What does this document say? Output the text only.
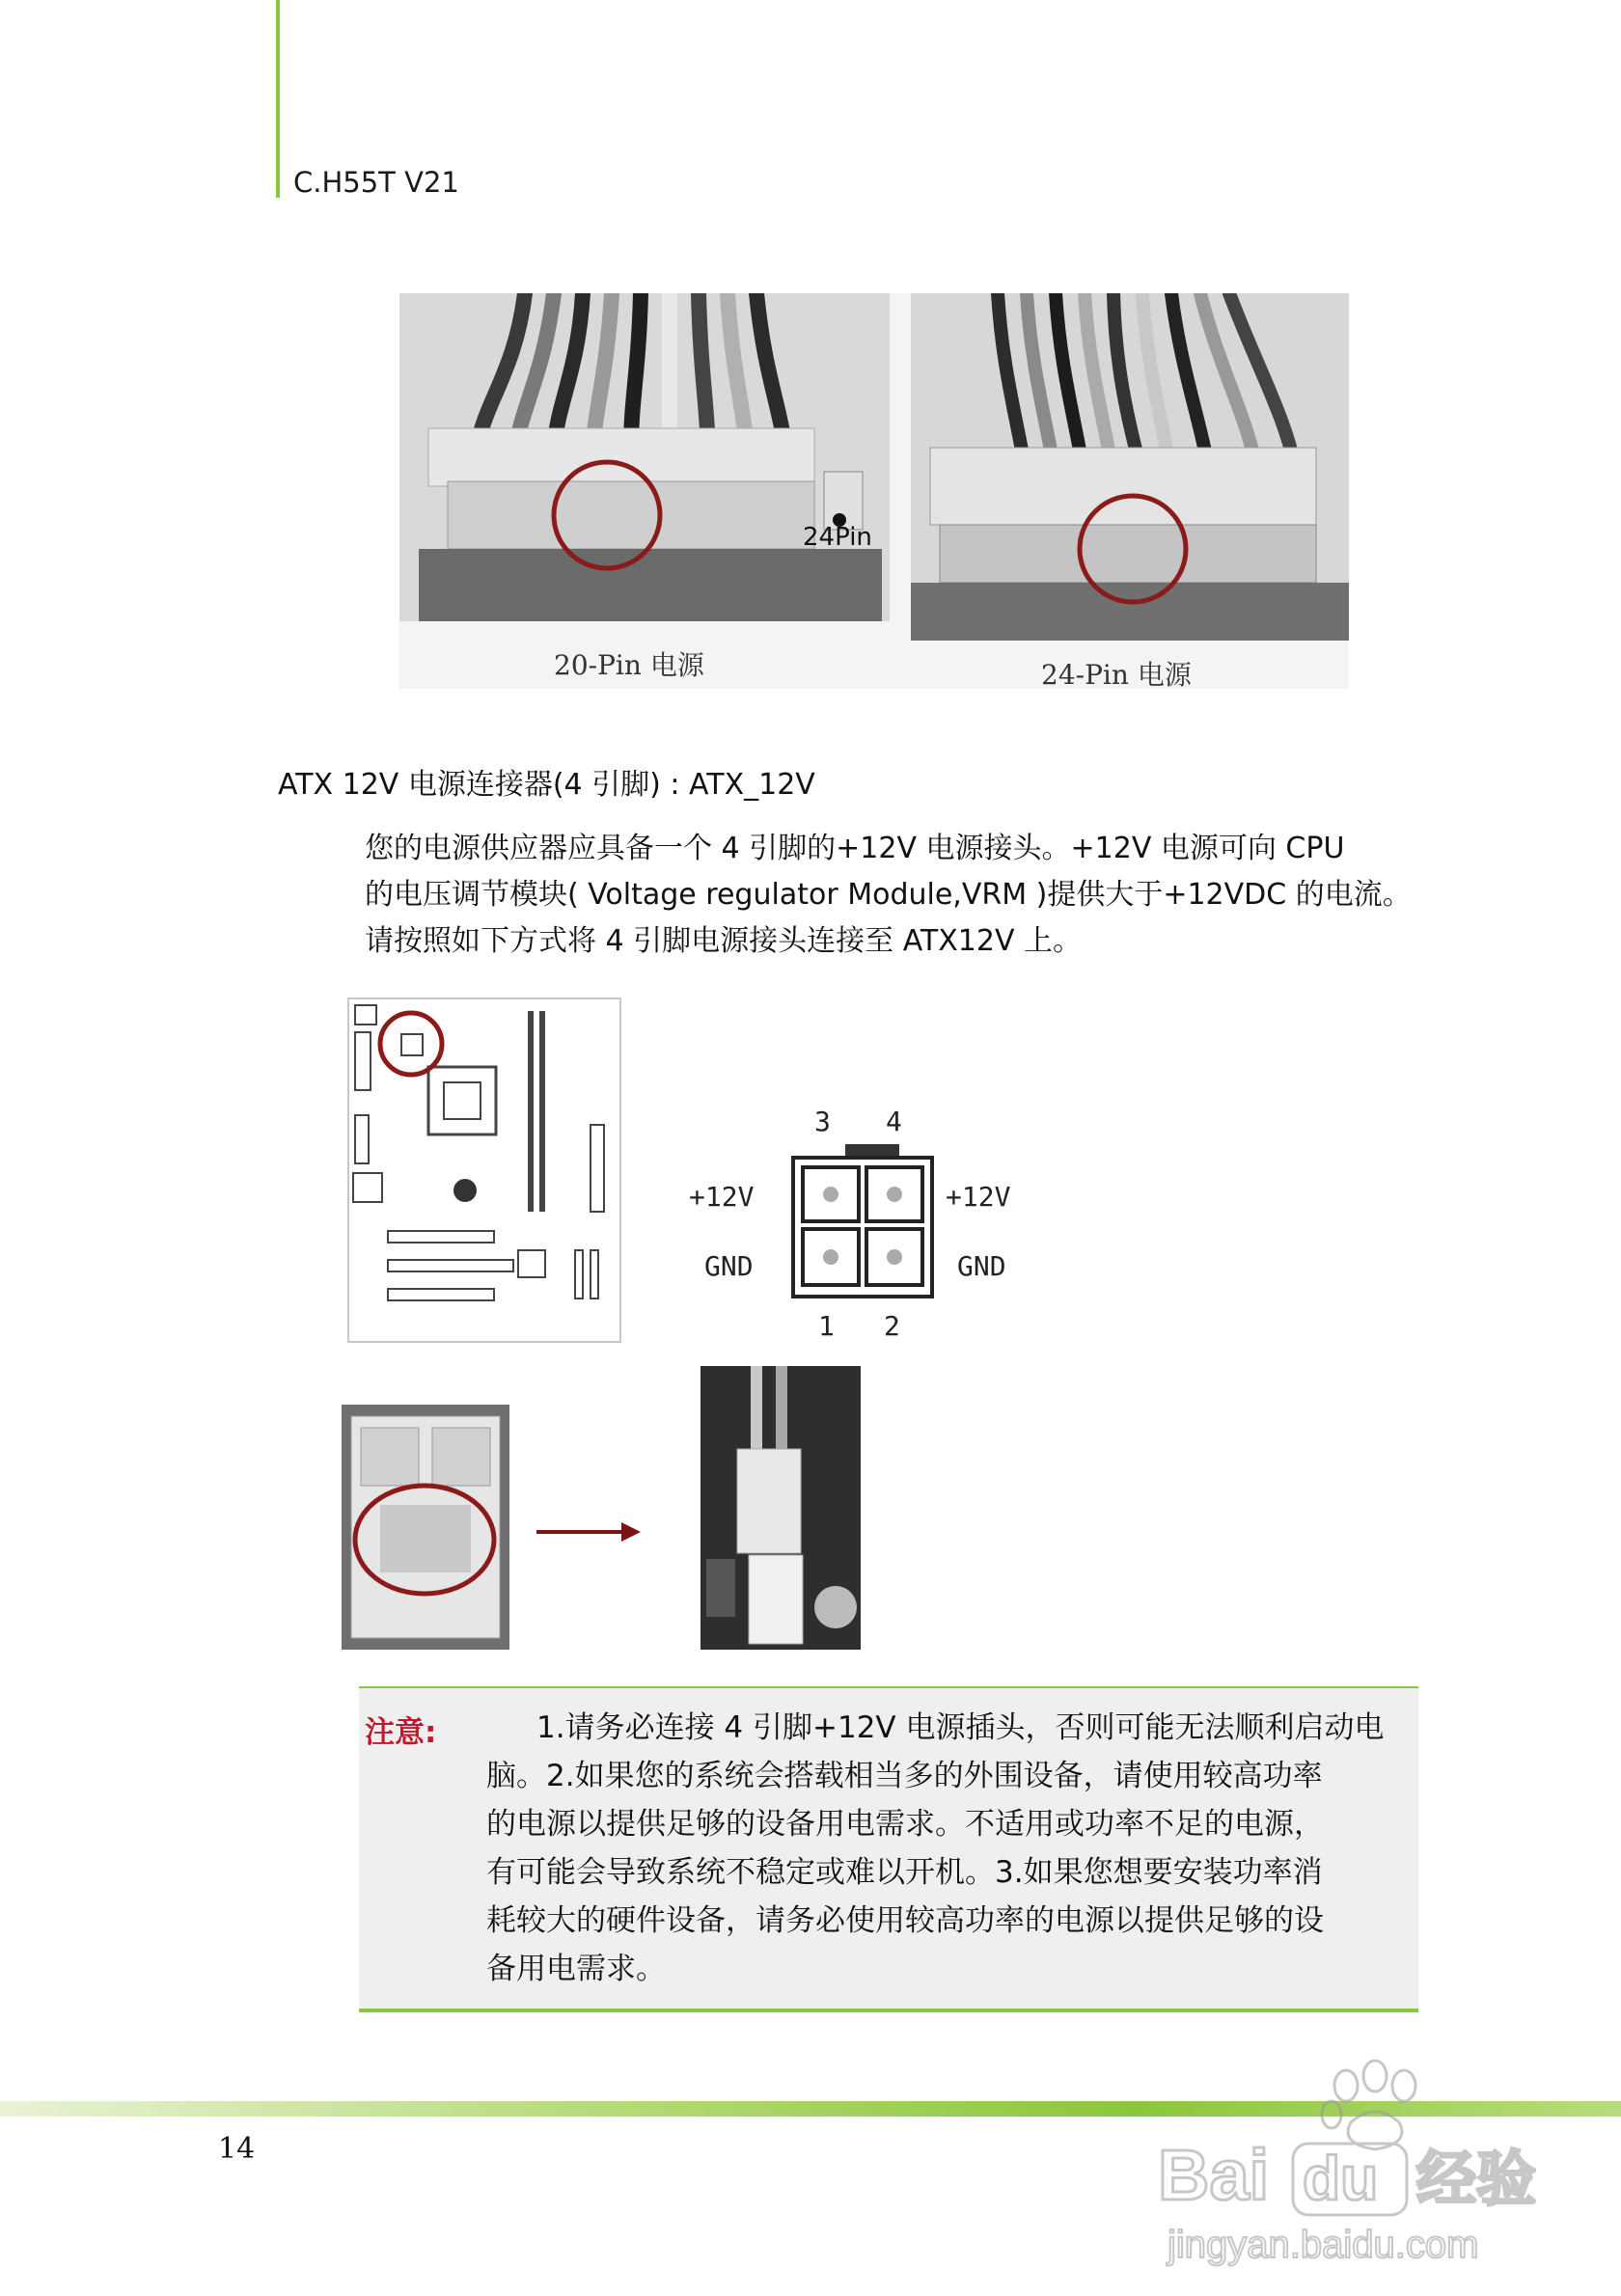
C.H55T V21
24Pin
20-Pin 电源	24-Pin 电源
ATX 12V 电源连接器(4 引脚) : ATX_12V
您的电源供应器应具备一个 4 引脚的+12V 电源接头。+12V 电源可向 CPU
的电压调节模块( Voltage regulator Module,VRM )提供大于+12VDC 的电流。
请按照如下方式将 4 引脚电源接头连接至 ATX12V 上。
3 4
+12V
GND
+12V
GND
1 2
注意:	1.请务必连接 4 引脚+12V 电源插头，否则可能无法顺利启动电
脑。2.如果您的系统会搭载相当多的外围设备，请使用较高功率
的电源以提供足够的设备用电需求。不适用或功率不足的电源，
有可能会导致系统不稳定或难以开机。3.如果您想要安装功率消
耗较大的硬件设备，请务必使用较高功率的电源以提供足够的设
备用电需求。
14	Bai du 经验
jingyan.baidu.com
